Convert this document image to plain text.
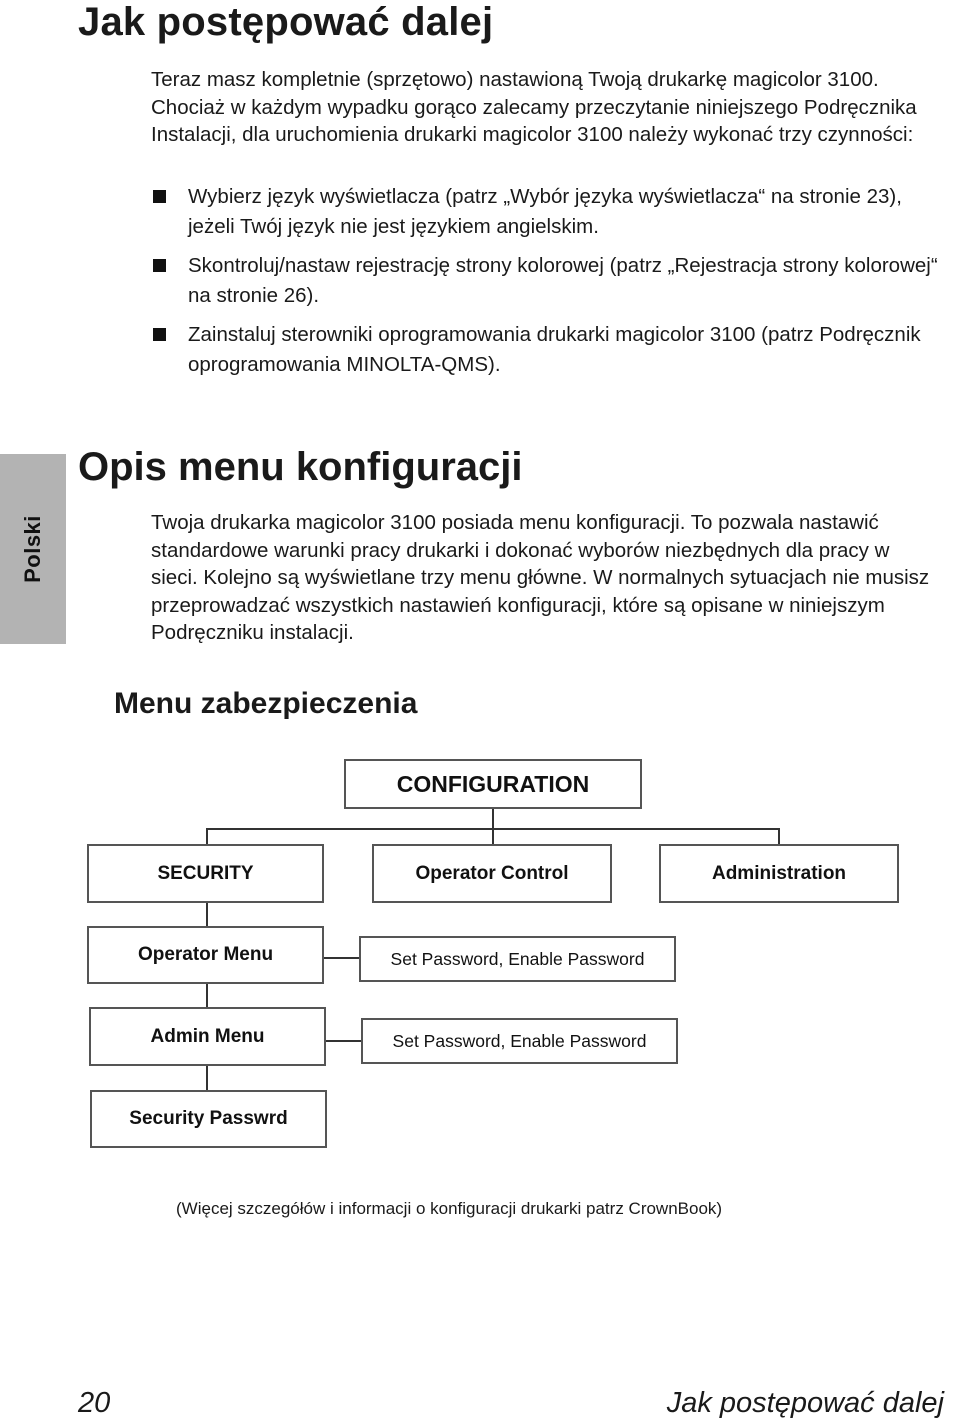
Jak postępować dalej
Teraz masz kompletnie (sprzętowo) nastawioną Twoją drukarkę magicolor 3100. Chociaż w każdym wypadku gorąco zalecamy przeczytanie niniejszego Podręcznika Instalacji, dla uruchomienia drukarki magicolor 3100 należy wykonać trzy czynności:
Wybierz język wyświetlacza (patrz „Wybór języka wyświetlacza“ na stronie 23), jeżeli Twój język nie jest językiem angielskim.
Skontroluj/nastaw rejestrację strony kolorowej (patrz „Rejestracja strony kolorowej“ na stronie 26).
Zainstaluj sterowniki oprogramowania drukarki magicolor 3100 (patrz Podręcznik oprogramowania MINOLTA-QMS).
Polski
Opis menu konfiguracji
Twoja drukarka magicolor 3100 posiada menu konfiguracji. To pozwala nastawić standardowe warunki pracy drukarki i dokonać wyborów niezbędnych dla pracy w sieci. Kolejno są wyświetlane trzy menu główne. W normalnych sytuacjach nie musisz przeprowadzać wszystkich nastawień konfiguracji, które są opisane w niniejszym Podręczniku instalacji.
Menu zabezpieczenia
CONFIGURATION
SECURITY	Operator Control	Administration
Operator Menu	Set Password, Enable Password
Admin Menu	Set Password, Enable Password
Security Passwrd
(Więcej szczegółów i informacji o konfiguracji drukarki patrz CrownBook)
20	Jak postępować dalej
